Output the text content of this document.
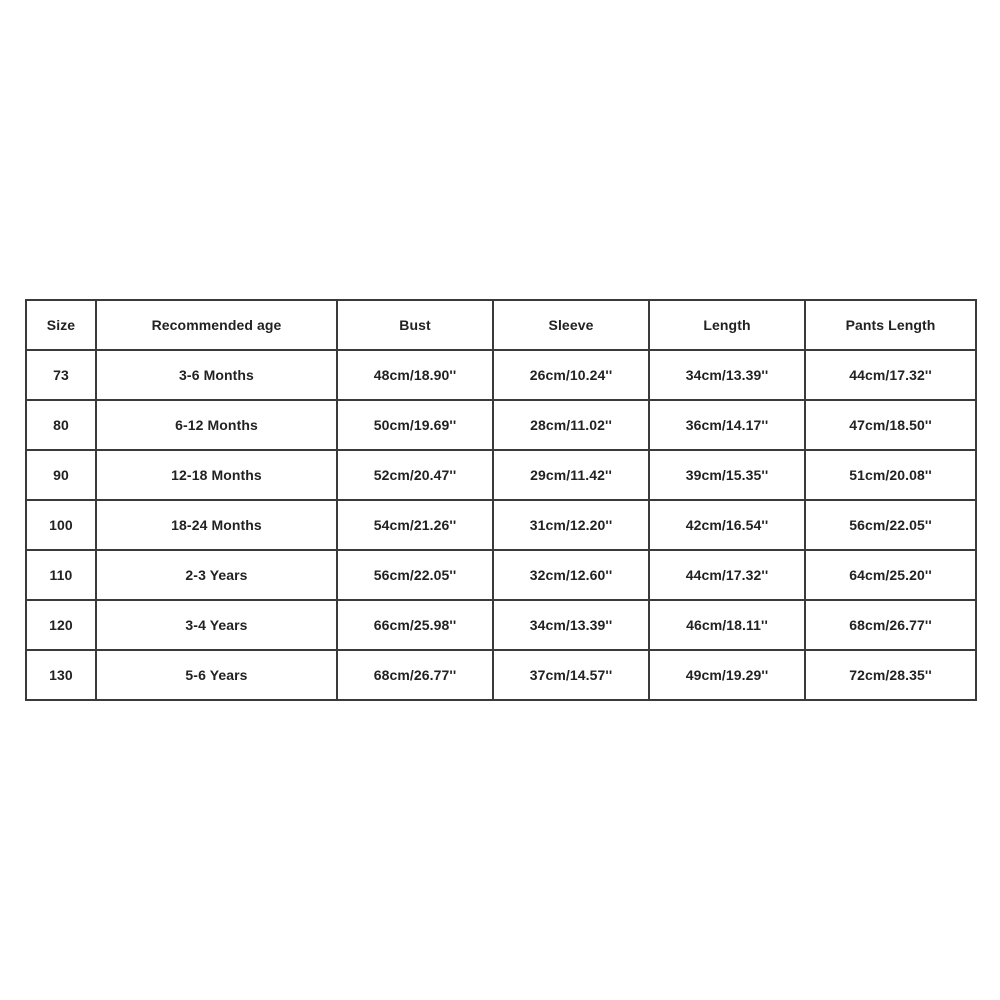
Size	Recommended age	Bust	Sleeve	Length	Pants Length
73	3-6 Months	48cm/18.90''	26cm/10.24''	34cm/13.39''	44cm/17.32''
80	6-12 Months	50cm/19.69''	28cm/11.02''	36cm/14.17''	47cm/18.50''
90	12-18 Months	52cm/20.47''	29cm/11.42''	39cm/15.35''	51cm/20.08''
100	18-24 Months	54cm/21.26''	31cm/12.20''	42cm/16.54''	56cm/22.05''
110	2-3 Years	56cm/22.05''	32cm/12.60''	44cm/17.32''	64cm/25.20''
120	3-4 Years	66cm/25.98''	34cm/13.39''	46cm/18.11''	68cm/26.77''
130	5-6 Years	68cm/26.77''	37cm/14.57''	49cm/19.29''	72cm/28.35''
